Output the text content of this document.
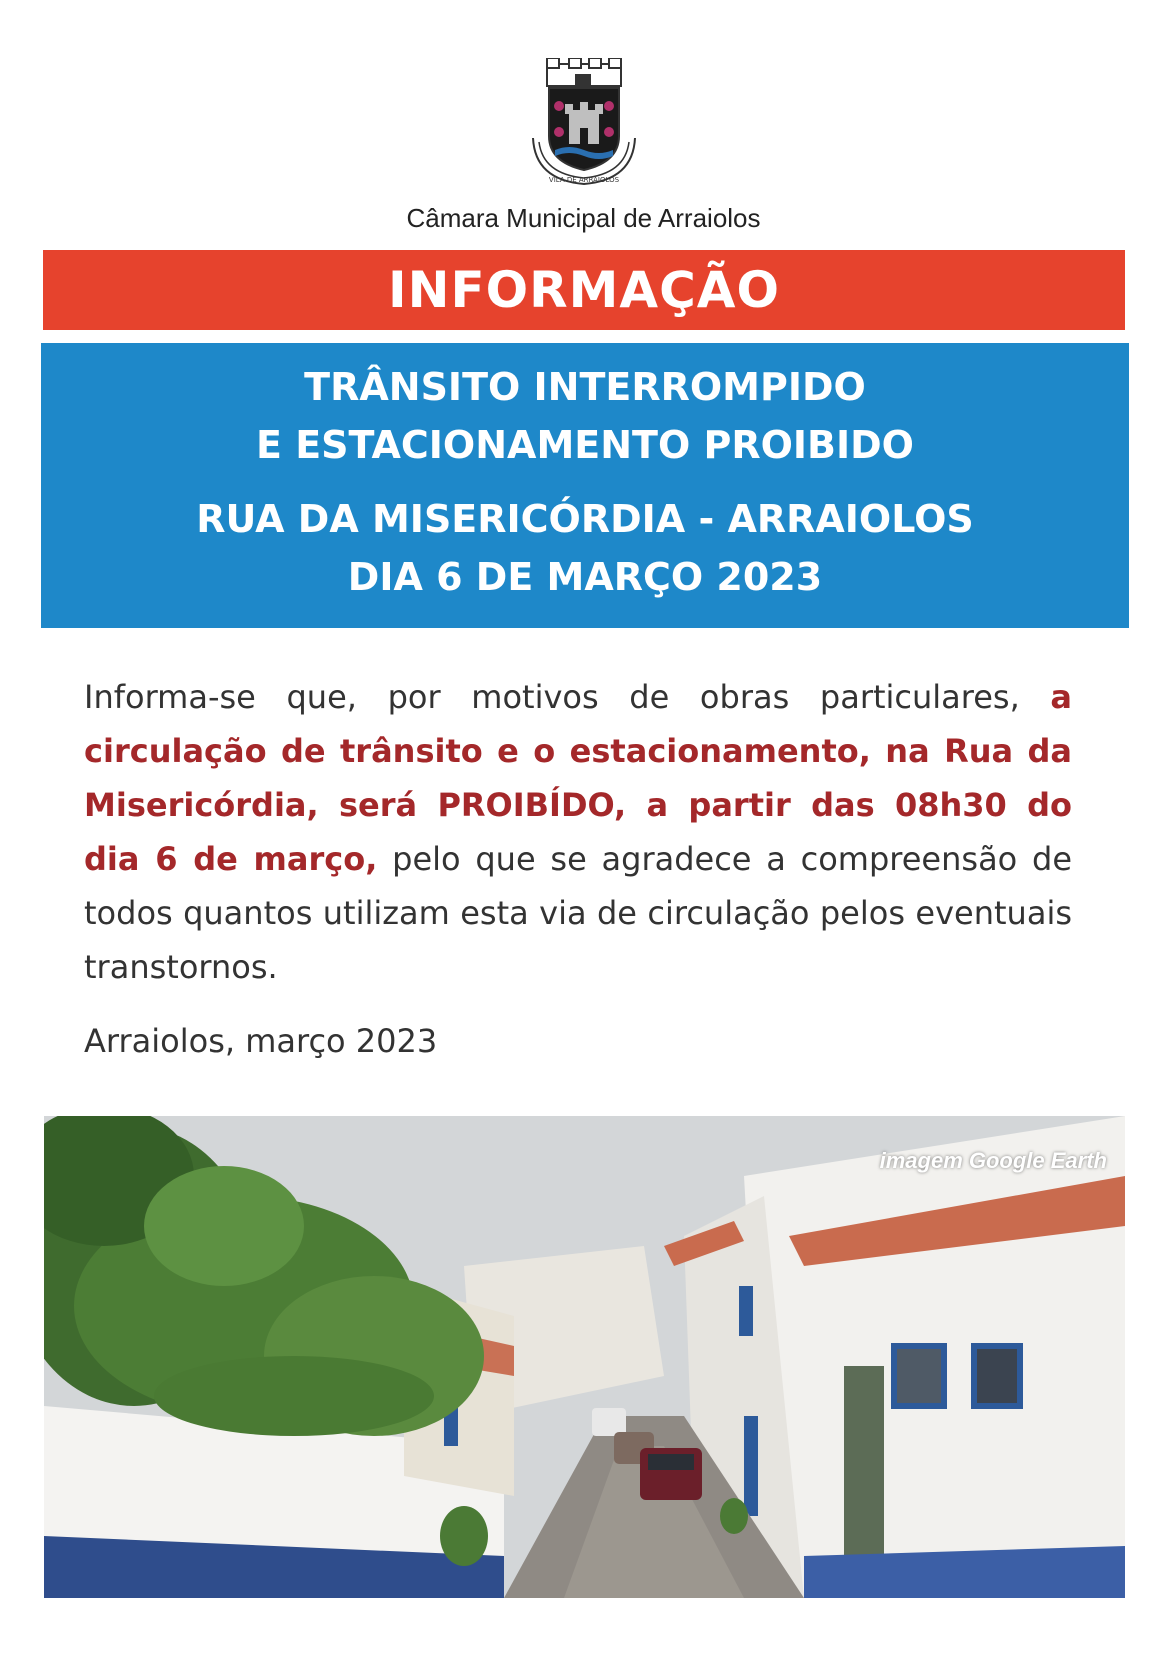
VILA DE ARRAIOLOS
Câmara Municipal de Arraiolos
INFORMAÇÃO
TRÂNSITO INTERROMPIDO
E ESTACIONAMENTO PROIBIDO
RUA DA MISERICÓRDIA - ARRAIOLOS
DIA 6 DE MARÇO 2023
Informa-se que, por motivos de obras particulares, a circulação de trânsito e o estacionamento, na Rua da Misericórdia, será PROIBÍDO, a partir das 08h30 do dia 6 de março, pelo que se agradece a compreensão de todos quantos utilizam esta via de circulação pelos eventuais transtornos.
Arraiolos, março 2023
imagem Google Earth
